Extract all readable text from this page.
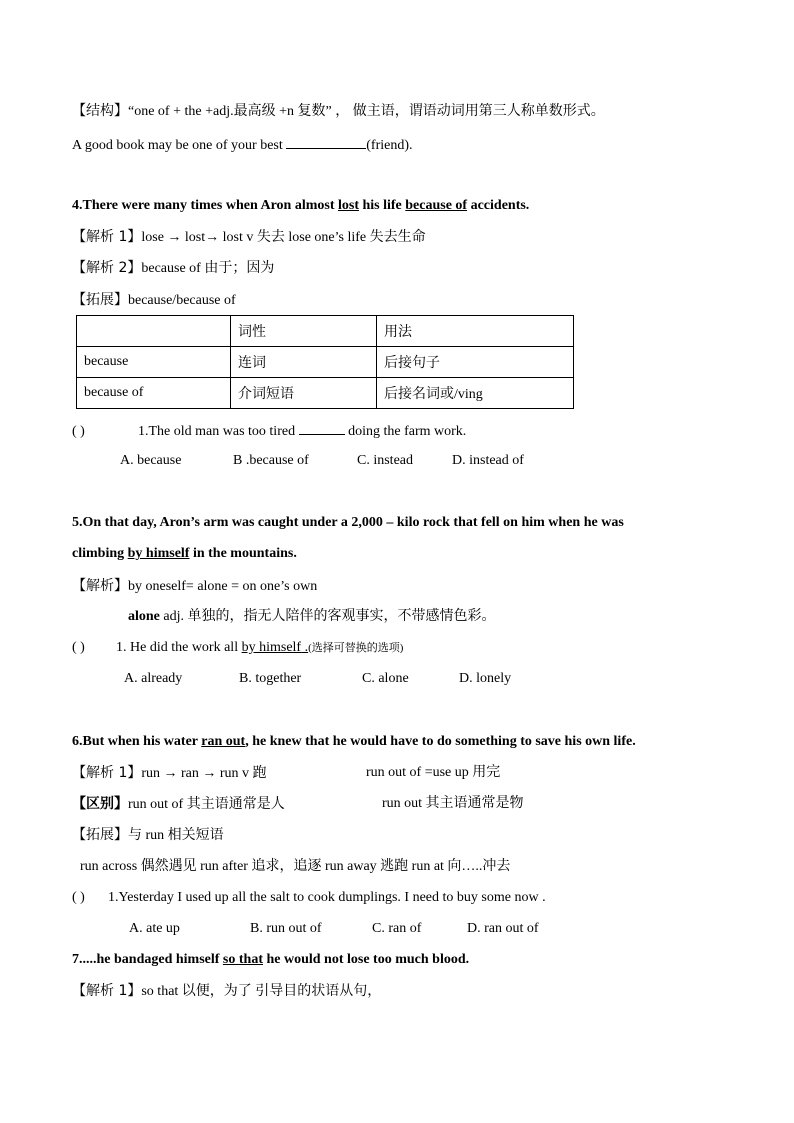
【结构】“one of + the +adj.最高级 +n 复数” ， 做主语，谓语动词用第三人称单数形式。
A good book may be one of your best	(friend).
4.There were many times when Aron almost lost his life because of accidents.
【解析 1】lose → lost→ lost v 失去 lose one’s life 失去生命
【解析 2】because of 由于；因为
【拓展】because/because of
	词性	用法
because	连词	后接句子
because of	介词短语	后接名词或/ving
( )	1.The old man was too tired	doing the farm work.
A. because	B .because of	C. instead	D. instead of
5.On that day, Aron’s arm was caught under a 2,000 – kilo rock that fell on him when he was
climbing by himself in the mountains.
【解析】by oneself= alone = on one’s own
alone adj. 单独的，指无人陪伴的客观事实，不带感情色彩。
( )1. He did the work all by himself .(选择可替换的选项)
A. already	B. together	C. alone	D. lonely
6.But when his water ran out, he knew that he would have to do something to save his own life.
【解析 1】run → ran → run v 跑	run out of =use up 用完
【区别】run out of 其主语通常是人	run out 其主语通常是物
【拓展】与 run 相关短语
run across 偶然遇见 run after 追求，追逐 run away 逃跑 run at 向…..冲去
( )1.Yesterday I used up all the salt to cook dumplings. I need to buy some now .
A. ate up	B. run out of	C. ran of	D. ran out of
7.....he bandaged himself so that he would not lose too much blood.
【解析 1】so that 以便，为了 引导目的状语从句，
